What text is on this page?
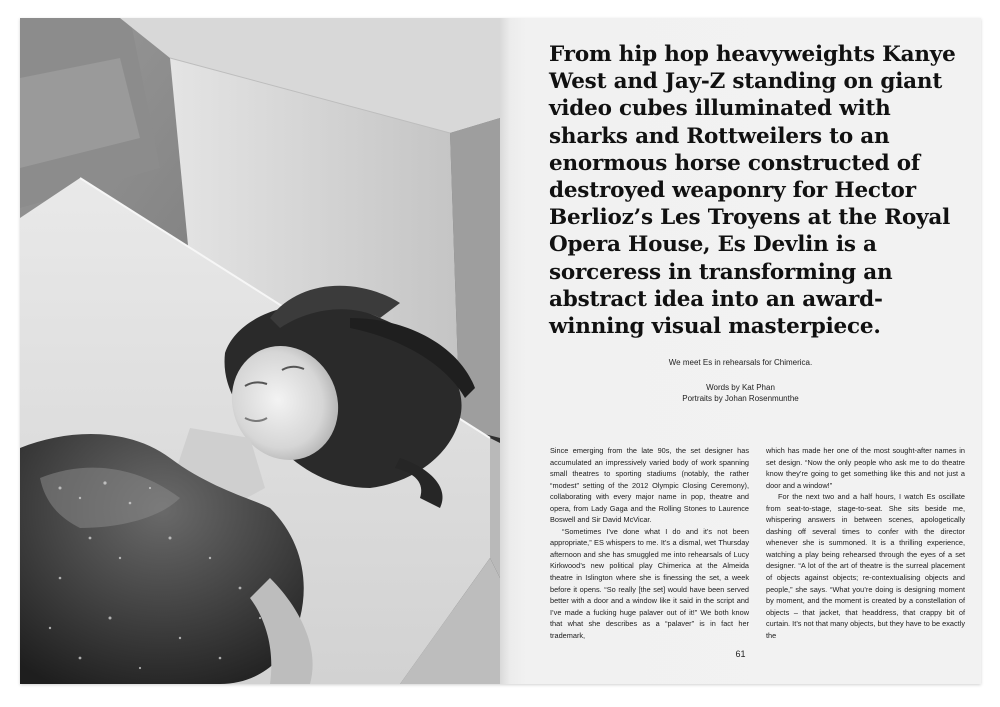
From hip hop heavyweights Kanye West and Jay-Z standing on giant video cubes illuminated with sharks and Rottweilers to an enormous horse constructed of destroyed weaponry for Hector Berlioz’s Les Troyens at the Royal Opera House, Es Devlin is a sorceress in transforming an abstract idea into an award-winning visual masterpiece.
We meet Es in rehearsals for Chimerica.
Words by Kat Phan
Portraits by Johan Rosenmunthe

Since emerging from the late 90s, the set designer has accumulated an impressively varied body of work spanning small theatres to sporting stadiums (notably, the rather “modest” setting of the 2012 Olympic Closing Ceremony), collaborating with every major name in pop, theatre and opera, from Lady Gaga and the Rolling Stones to Laurence Boswell and Sir David McVicar.

“Sometimes I’ve done what I do and it’s not been appropriate,” ES whispers to me. It’s a dismal, wet Thursday afternoon and she has smuggled me into rehearsals of Lucy Kirkwood’s new political play Chimerica at the Almeida theatre in Islington where she is finessing the set, a week before it opens. “So really [the set] would have been served better with a door and a window like it said in the script and I’ve made a fucking huge palaver out of it!” We both know that what she describes as a “palaver” is in fact her trademark,

which has made her one of the most sought-after names in set design. “Now the only people who ask me to do theatre know they’re going to get something like this and not just a door and a window!”

For the next two and a half hours, I watch Es oscillate from seat-to-stage, stage-to-seat. She sits beside me, whispering answers in between scenes, apologetically dashing off several times to confer with the director whenever she is summoned. It is a thrilling experience, watching a play being rehearsed through the eyes of a set designer. “A lot of the art of theatre is the surreal placement of objects against objects; re-contextualising objects and people,” she says. “What you’re doing is designing moment by moment, and the moment is created by a constellation of objects – that jacket, that headdress, that crappy bit of curtain. It’s not that many objects, but they have to be exactly the

61
